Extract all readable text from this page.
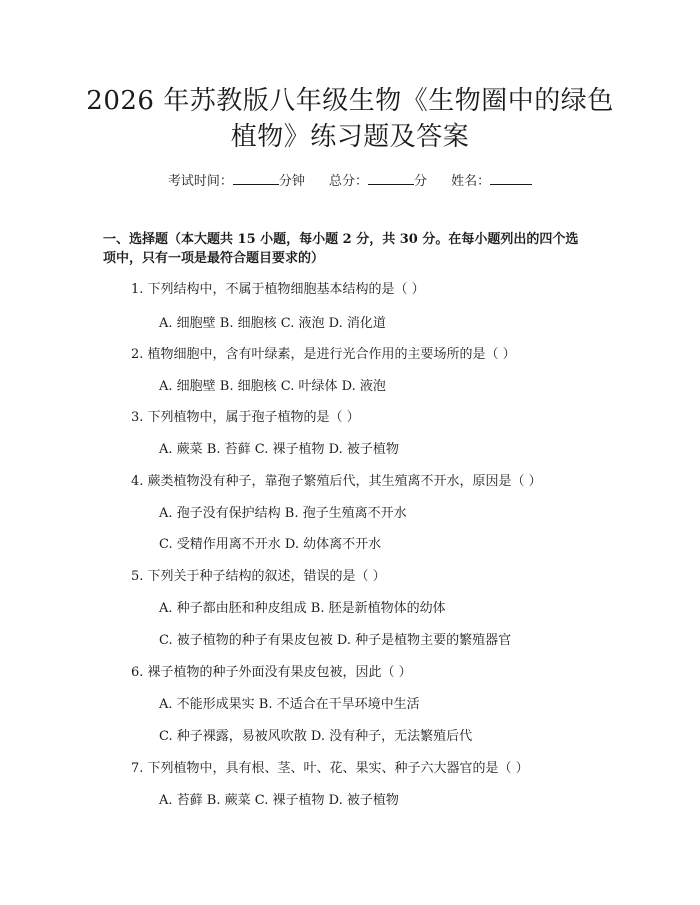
2026 年苏教版八年级生物《生物圈中的绿色
植物》练习题及答案
考试时间：	分钟 总分：	分 姓名：
一、选择题（本大题共 15 小题，每小题 2 分，共 30 分。在每小题列出的四个选
项中，只有一项是最符合题目要求的）
1. 下列结构中，不属于植物细胞基本结构的是（ ）
A. 细胞壁 B. 细胞核 C. 液泡 D. 消化道
2. 植物细胞中，含有叶绿素，是进行光合作用的主要场所的是（ ）
A. 细胞壁 B. 细胞核 C. 叶绿体 D. 液泡
3. 下列植物中，属于孢子植物的是（ ）
A. 蕨菜 B. 苔藓 C. 裸子植物 D. 被子植物
4. 蕨类植物没有种子，靠孢子繁殖后代，其生殖离不开水，原因是（ ）
A. 孢子没有保护结构 B. 孢子生殖离不开水
C. 受精作用离不开水 D. 幼体离不开水
5. 下列关于种子结构的叙述，错误的是（ ）
A. 种子都由胚和种皮组成 B. 胚是新植物体的幼体
C. 被子植物的种子有果皮包被 D. 种子是植物主要的繁殖器官
6. 裸子植物的种子外面没有果皮包被，因此（ ）
A. 不能形成果实 B. 不适合在干旱环境中生活
C. 种子裸露，易被风吹散 D. 没有种子，无法繁殖后代
7. 下列植物中，具有根、茎、叶、花、果实、种子六大器官的是（ ）
A. 苔藓 B. 蕨菜 C. 裸子植物 D. 被子植物
